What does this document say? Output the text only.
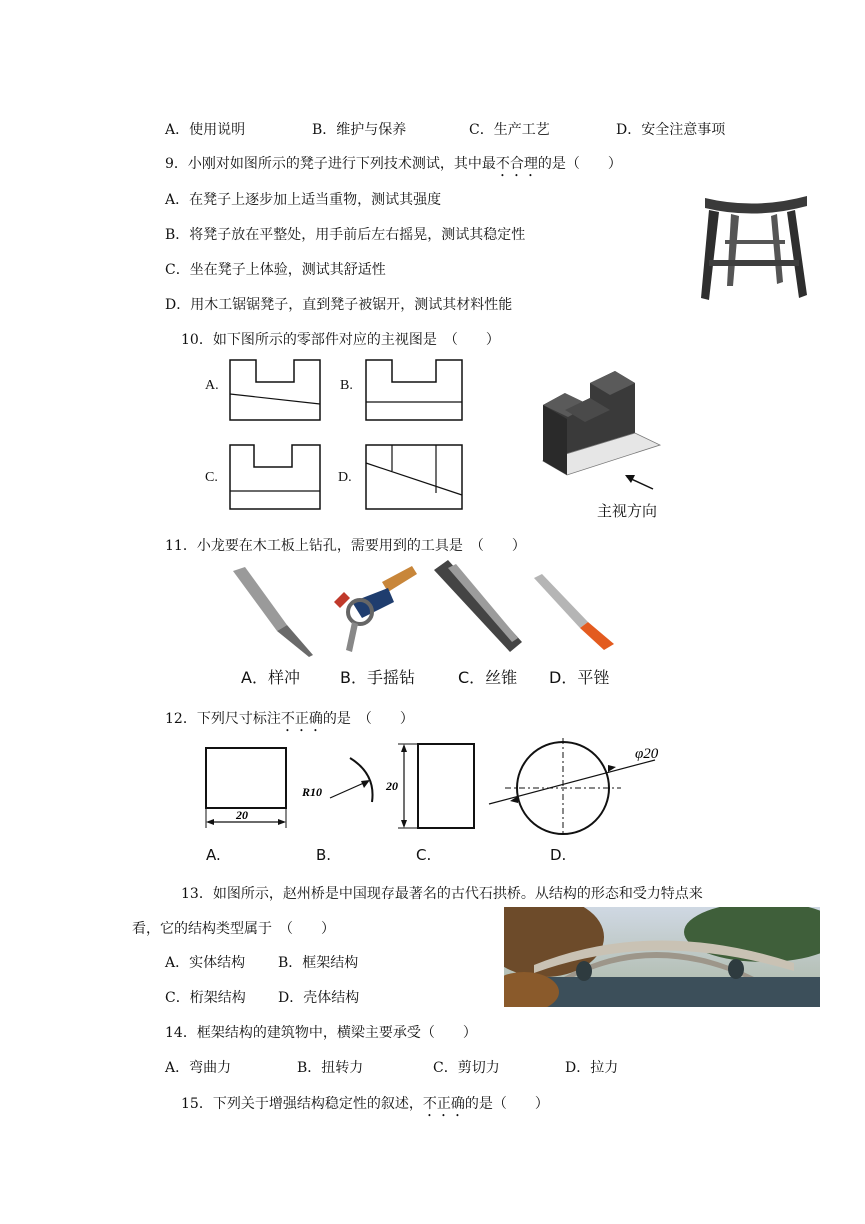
A．使用说明	B．维护与保养	C．生产工艺	D．安全注意事项
9．小刚对如图所示的凳子进行下列技术测试，其中最不合理的是（　　）
A．在凳子上逐步加上适当重物，测试其强度
B．将凳子放在平整处，用手前后左右摇晃，测试其稳定性
C．坐在凳子上体验，测试其舒适性
D．用木工锯锯凳子，直到凳子被锯开，测试其材料性能
10．如下图所示的零部件对应的主视图是　（　　）
A.	B.
C.	D.
主视方向
11．小龙要在木工板上钻孔，需要用到的工具是　（　　）
A．样冲	B．手摇钻	C．丝锥 D．平锉
12．下列尺寸标注不正确的是　（　　）
20
R10	20
φ20
A.	B.	C.	D.
13．如图所示，赵州桥是中国现存最著名的古代石拱桥。从结构的形态和受力特点来
看，它的结构类型属于　（　　）
A．实体结构 B．框架结构
C．桁架结构 D．壳体结构
14．框架结构的建筑物中，横梁主要承受（　　）
A．弯曲力	B．扭转力	C．剪切力	D．拉力
15．下列关于增强结构稳定性的叙述，不正确的是（　　）
